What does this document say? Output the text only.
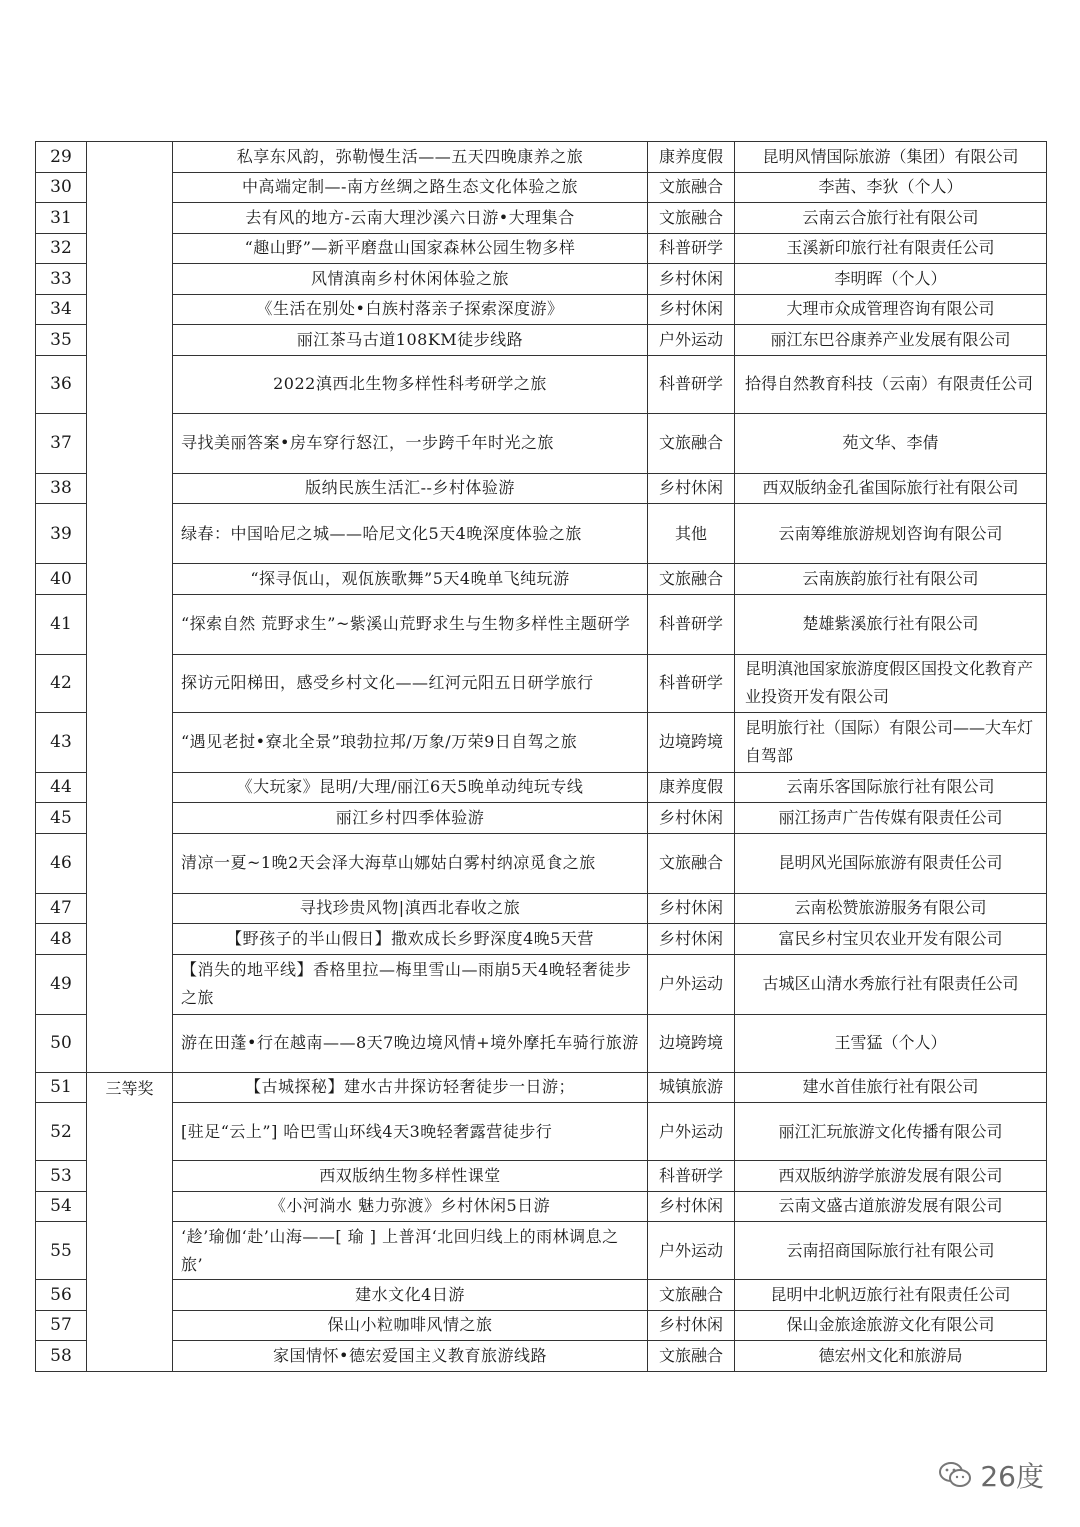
29		私享东风韵，弥勒慢生活——五天四晚康养之旅	康养度假	昆明风情国际旅游（集团）有限公司
30		中高端定制—-南方丝绸之路生态文化体验之旅	文旅融合	李茜、李狄（个人）
31		去有风的地方-云南大理沙溪六日游•大理集合	文旅融合	云南云合旅行社有限公司
32		“趣山野”—新平磨盘山国家森林公园生物多样	科普研学	玉溪新印旅行社有限责任公司
33		风情滇南乡村休闲体验之旅	乡村休闲	李明晖（个人）
34		《生活在别处•白族村落亲子探索深度游》	乡村休闲	大理市众成管理咨询有限公司
35		丽江茶马古道108KM徒步线路	户外运动	丽江东巴谷康养产业发展有限公司
36		2022滇西北生物多样性科考研学之旅	科普研学	拾得自然教育科技（云南）有限责任公司
37		寻找美丽答案•房车穿行怒江，一步跨千年时光之旅	文旅融合	苑文华、李倩
38		版纳民族生活汇--乡村体验游	乡村休闲	西双版纳金孔雀国际旅行社有限公司
39		绿春：中国哈尼之城——哈尼文化5天4晚深度体验之旅	其他	云南筹维旅游规划咨询有限公司
40		“探寻佤山，观佤族歌舞”5天4晚单飞纯玩游	文旅融合	云南族韵旅行社有限公司
41		“探索自然 荒野求生”~紫溪山荒野求生与生物多样性主题研学	科普研学	楚雄紫溪旅行社有限公司
42		探访元阳梯田，感受乡村文化——红河元阳五日研学旅行	科普研学	昆明滇池国家旅游度假区国投文化教育产业投资开发有限公司
43		“遇见老挝•寮北全景”琅勃拉邦/万象/万荣9日自驾之旅	边境跨境	昆明旅行社（国际）有限公司——大车灯自驾部
44		《大玩家》昆明/大理/丽江6天5晚单动纯玩专线	康养度假	云南乐客国际旅行社有限公司
45		丽江乡村四季体验游	乡村休闲	丽江扬声广告传媒有限责任公司
46		清凉一夏~1晚2天会泽大海草山娜姑白雾村纳凉觅食之旅	文旅融合	昆明风光国际旅游有限责任公司
47		寻找珍贵风物|滇西北春收之旅	乡村休闲	云南松赞旅游服务有限公司
48		【野孩子的半山假日】撒欢成长乡野深度4晚5天营	乡村休闲	富民乡村宝贝农业开发有限公司
49		【消失的地平线】香格里拉—梅里雪山—雨崩5天4晚轻奢徒步之旅	户外运动	古城区山清水秀旅行社有限责任公司
50		游在田蓬•行在越南——8天7晚边境风情+境外摩托车骑行旅游	边境跨境	王雪猛（个人）
51	三等奖	【古城探秘】建水古井探访轻奢徒步一日游；	城镇旅游	建水首佳旅行社有限公司
52		[驻足“云上”] 哈巴雪山环线4天3晚轻奢露营徒步行	户外运动	丽江汇玩旅游文化传播有限公司
53		西双版纳生物多样性课堂	科普研学	西双版纳游学旅游发展有限公司
54		《小河淌水 魅力弥渡》乡村休闲5日游	乡村休闲	云南文盛古道旅游发展有限公司
55		‘趁’瑜伽‘赴’山海——[ 瑜 ] 上普洱‘北回归线上的雨林调息之旅’	户外运动	云南招商国际旅行社有限公司
56		建水文化4日游	文旅融合	昆明中北帆迈旅行社有限责任公司
57		保山小粒咖啡风情之旅	乡村休闲	保山金旅途旅游文化有限公司
58		家国情怀•德宏爱国主义教育旅游线路	文旅融合	德宏州文化和旅游局
26度
